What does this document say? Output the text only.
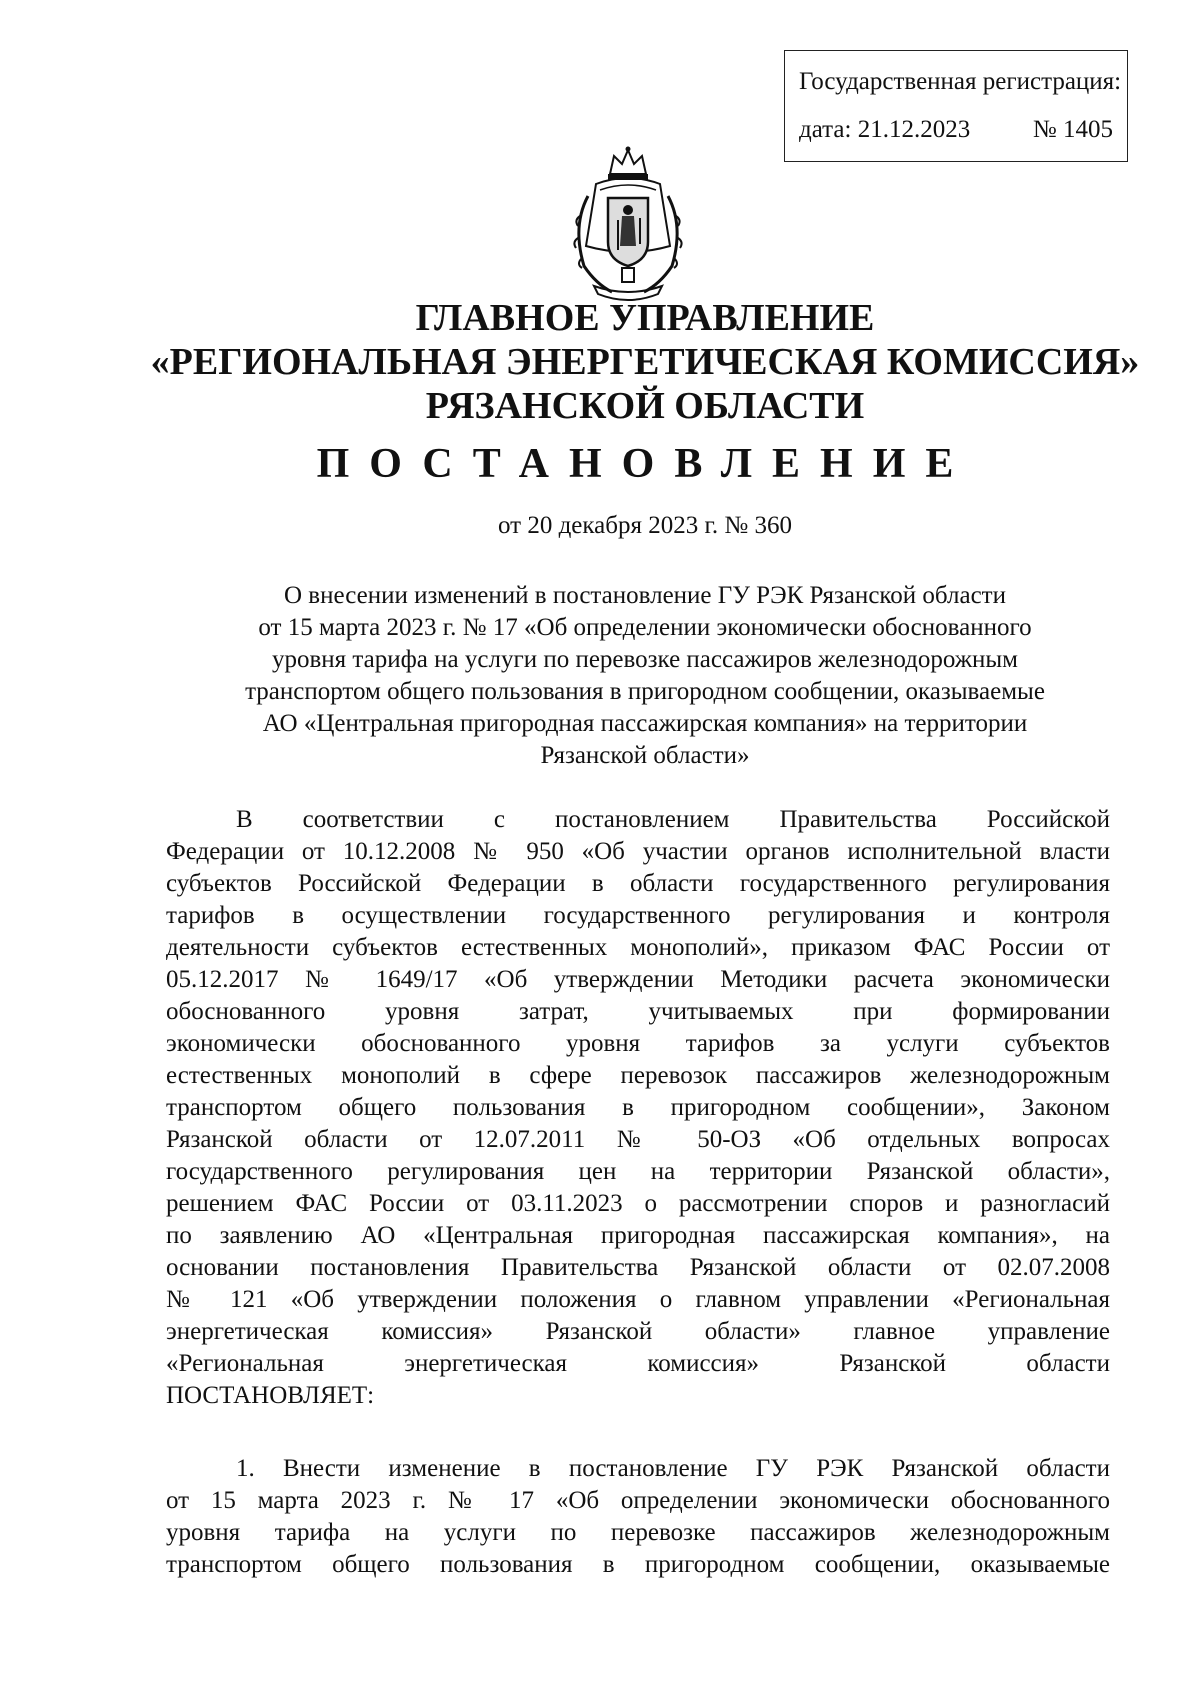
Государственная регистрация:
дата: 21.12.2023	№ 1405
ГЛАВНОЕ УПРАВЛЕНИЕ
«РЕГИОНАЛЬНАЯ ЭНЕРГЕТИЧЕСКАЯ КОМИССИЯ»
РЯЗАНСКОЙ ОБЛАСТИ
ПОСТАНОВЛЕНИЕ
от 20 декабря 2023 г. № 360
О внесении изменений в постановление ГУ РЭК Рязанской области
от 15 марта 2023 г. № 17 «Об определении экономически обоснованного
уровня тарифа на услуги по перевозке пассажиров железнодорожным
транспортом общего пользования в пригородном сообщении, оказываемые
АО «Центральная пригородная пассажирская компания» на территории
Рязанской области»
В соответствии с постановлением Правительства Российской
Федерации от 10.12.2008 № 950 «Об участии органов исполнительной власти
субъектов Российской Федерации в области государственного регулирования
тарифов в осуществлении государственного регулирования и контроля
деятельности субъектов естественных монополий», приказом ФАС России от
05.12.2017 № 1649/17 «Об утверждении Методики расчета экономически
обоснованного уровня затрат, учитываемых при формировании
экономически обоснованного уровня тарифов за услуги субъектов
естественных монополий в сфере перевозок пассажиров железнодорожным
транспортом общего пользования в пригородном сообщении», Законом
Рязанской области от 12.07.2011 № 50-ОЗ «Об отдельных вопросах
государственного регулирования цен на территории Рязанской области»,
решением ФАС России от 03.11.2023 о рассмотрении споров и разногласий
по заявлению АО «Центральная пригородная пассажирская компания», на
основании постановления Правительства Рязанской области от 02.07.2008
№ 121 «Об утверждении положения о главном управлении «Региональная
энергетическая комиссия» Рязанской области» главное управление
«Региональная энергетическая комиссия» Рязанской области
ПОСТАНОВЛЯЕТ:
1. Внести изменение в постановление ГУ РЭК Рязанской области
от 15 марта 2023 г. № 17 «Об определении экономически обоснованного
уровня тарифа на услуги по перевозке пассажиров железнодорожным
транспортом общего пользования в пригородном сообщении, оказываемые
